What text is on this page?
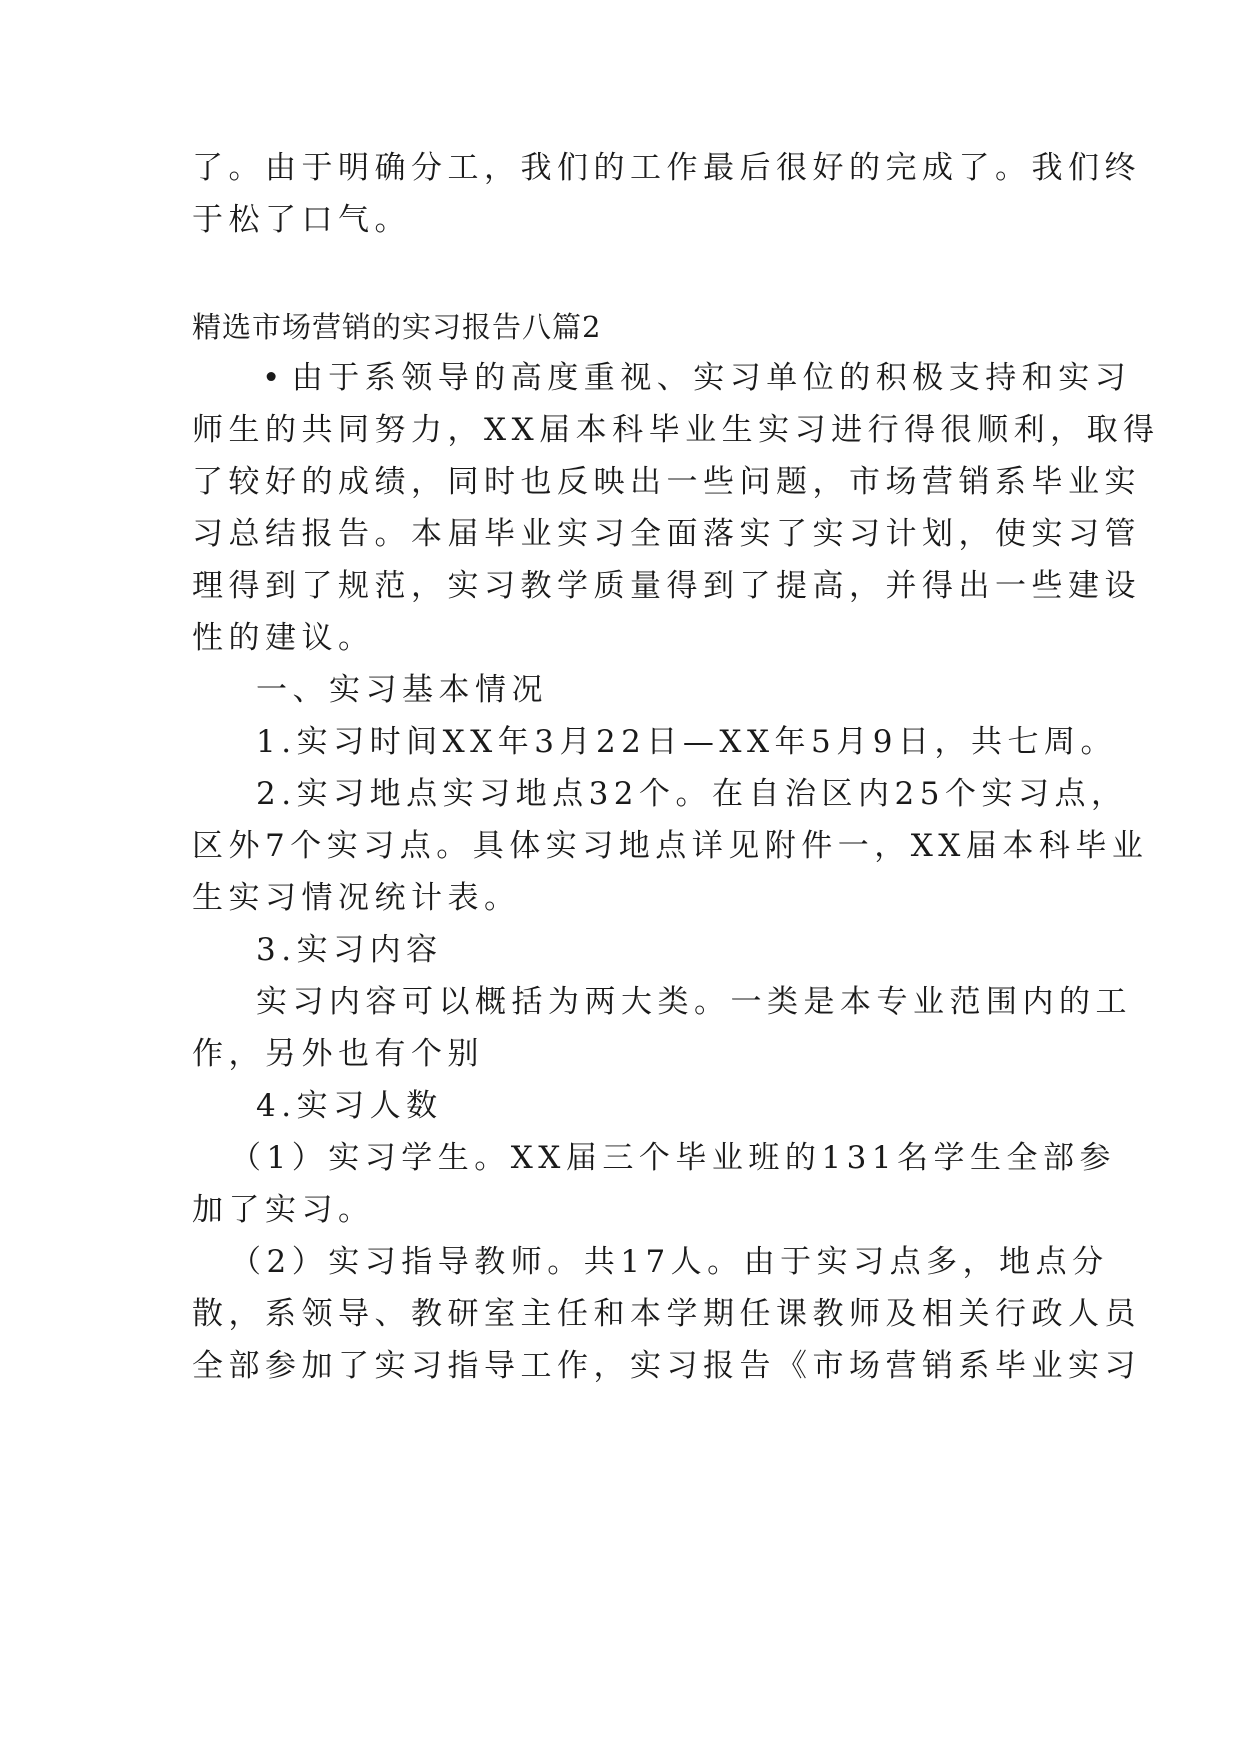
了。由于明确分工，我们的工作最后很好的完成了。我们终

于松了口气。

精选市场营销的实习报告八篇2

• 由于系领导的高度重视、实习单位的积极支持和实习

师生的共同努力，XX届本科毕业生实习进行得很顺利，取得

了较好的成绩，同时也反映出一些问题，市场营销系毕业实

习总结报告。本届毕业实习全面落实了实习计划，使实习管

理得到了规范，实习教学质量得到了提高，并得出一些建设

性的建议。

一、实习基本情况

1.实习时间XX年3月22日—XX年5月9日，共七周。

2.实习地点实习地点32个。在自治区内25个实习点，

区外7个实习点。具体实习地点详见附件一，XX届本科毕业

生实习情况统计表。

3.实习内容

实习内容可以概括为两大类。一类是本专业范围内的工

作，另外也有个别

4.实习人数

（1）实习学生。XX届三个毕业班的131名学生全部参

加了实习。

（2）实习指导教师。共17人。由于实习点多，地点分

散，系领导、教研室主任和本学期任课教师及相关行政人员

全部参加了实习指导工作，实习报告《市场营销系毕业实习
